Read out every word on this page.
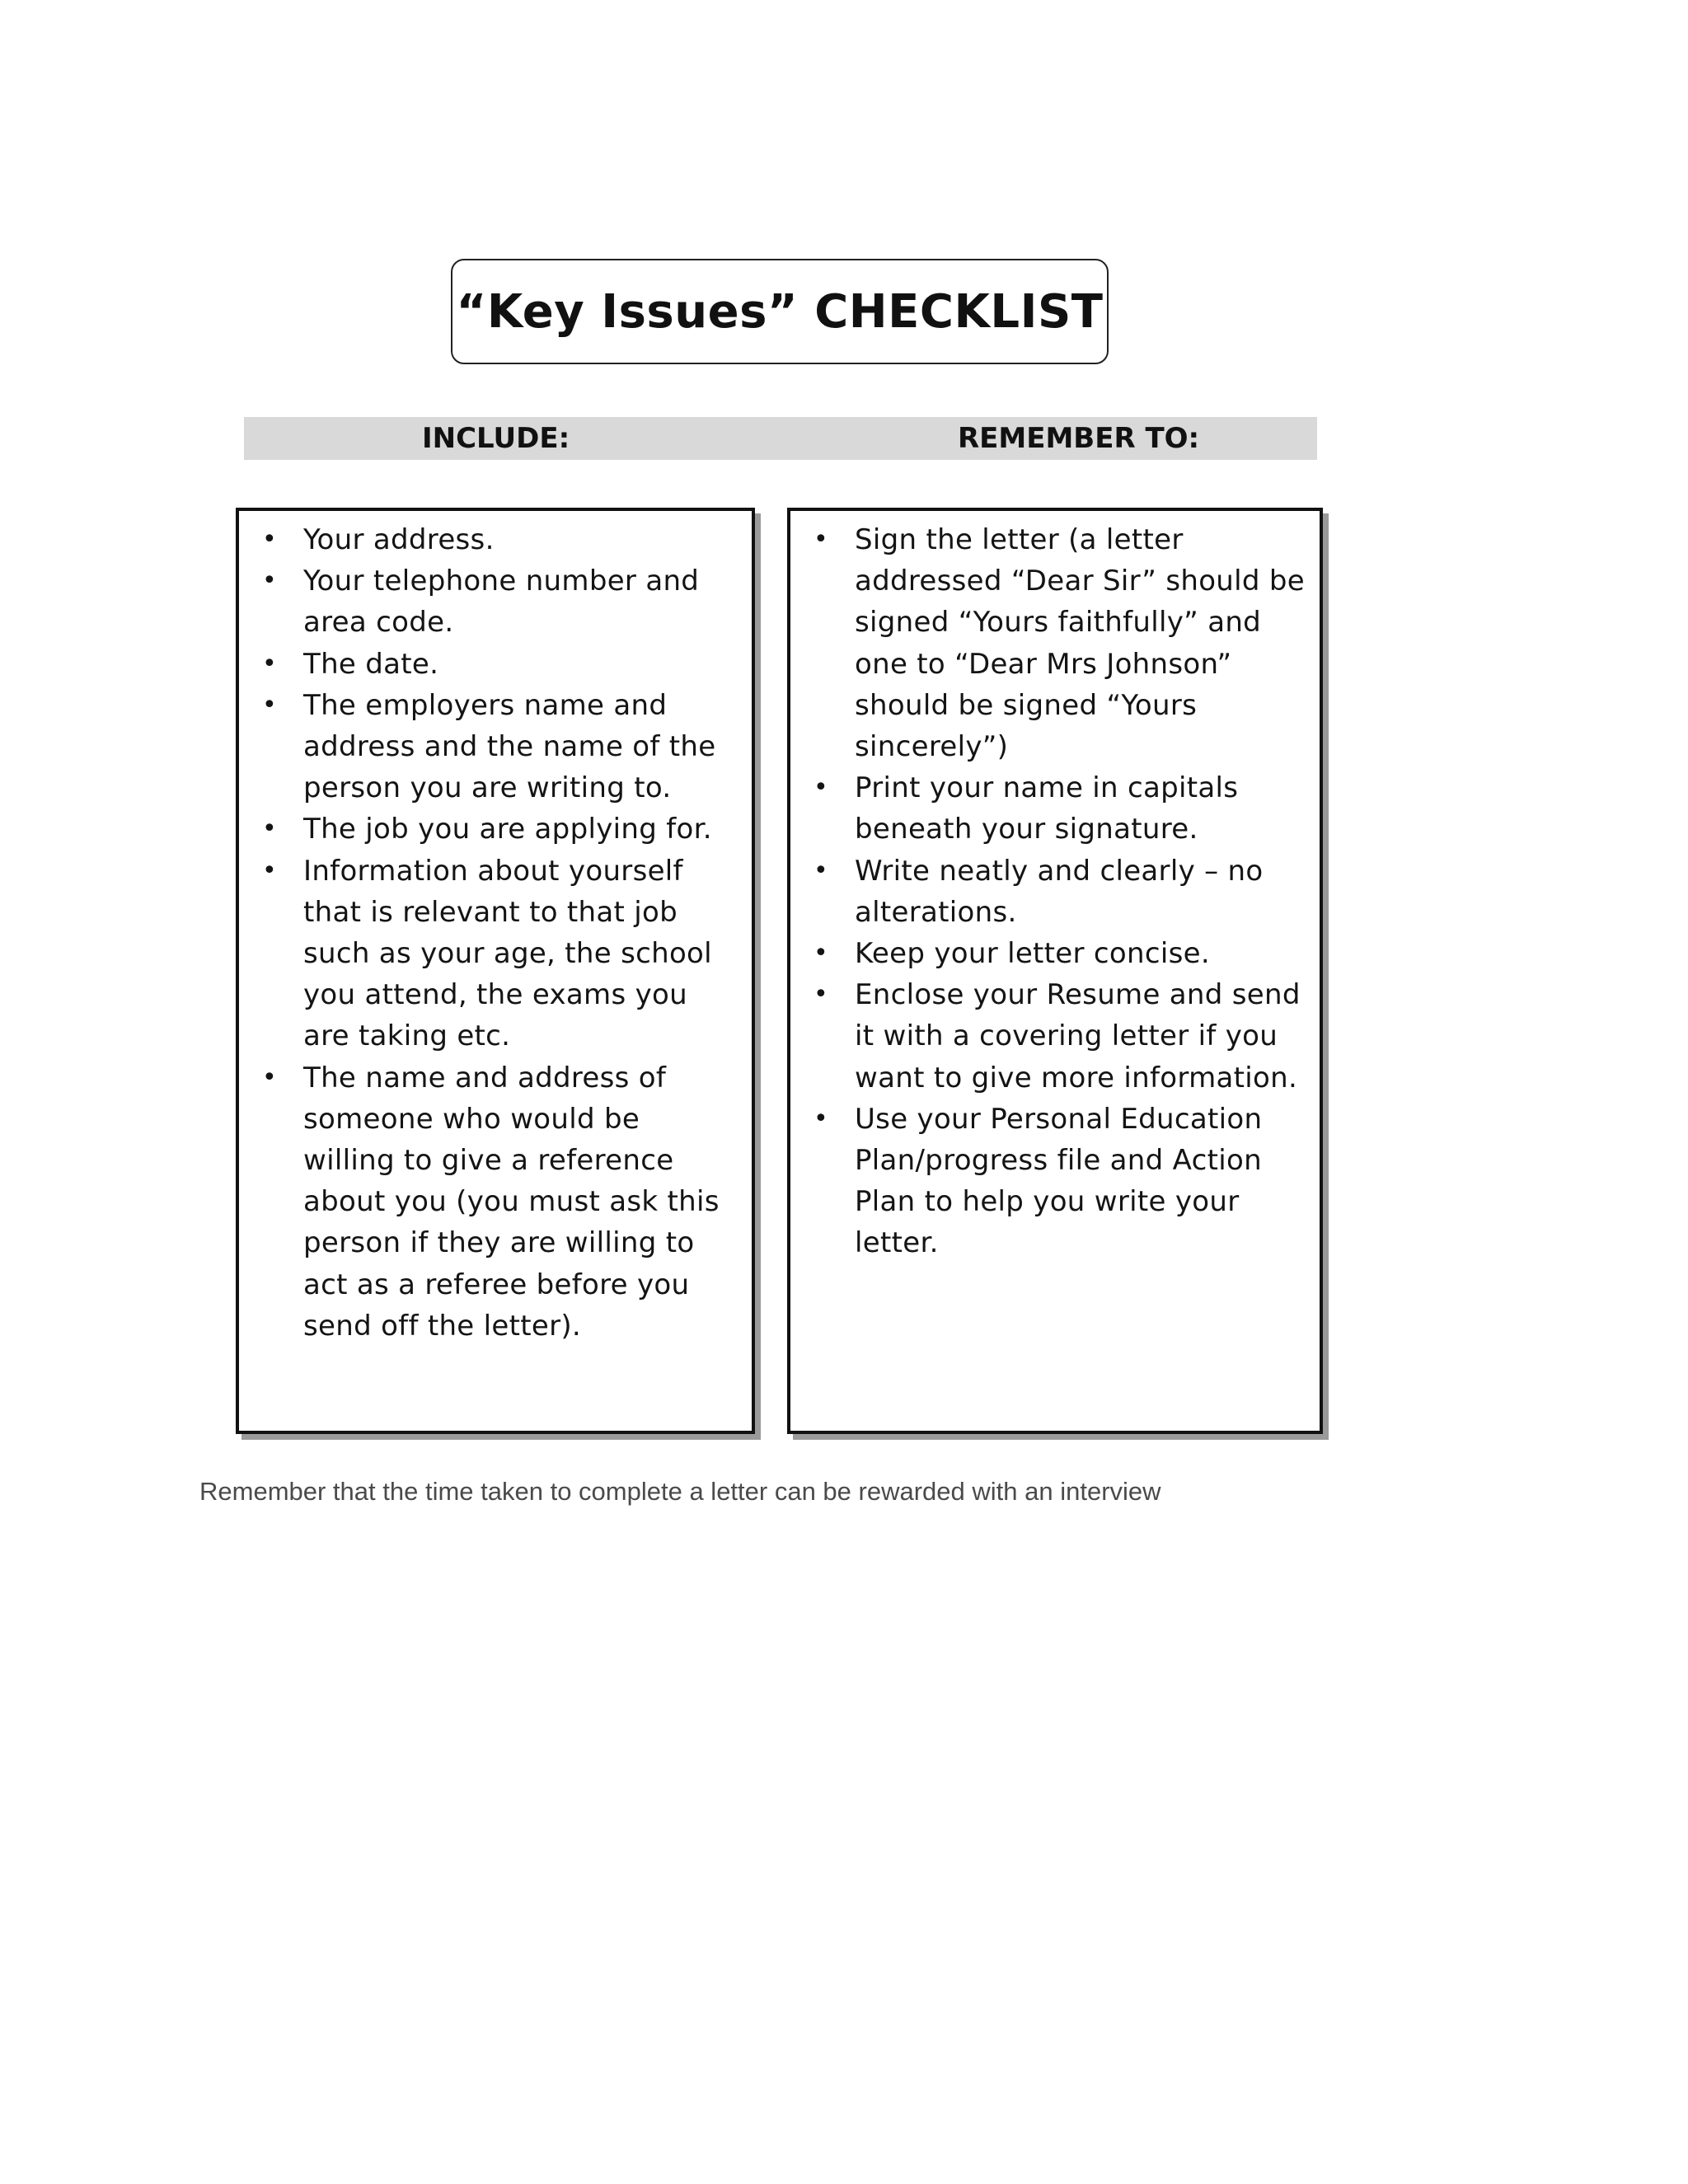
“Key Issues” CHECKLIST
INCLUDE:	REMEMBER TO:
• Your address.
• Your telephone number and area code.
• The date.
• The employers name and address and the name of the person you are writing to.
• The job you are applying for.
• Information about yourself that is relevant to that job such as your age, the school you attend, the exams you are taking etc.
• The name and address of someone who would be willing to give a reference about you (you must ask this person if they are willing to act as a referee before you send off the letter).
• Sign the letter (a letter addressed “Dear Sir” should be signed “Yours faithfully” and one to “Dear Mrs Johnson” should be signed “Yours sincerely”)
• Print your name in capitals beneath your signature.
• Write neatly and clearly – no alterations.
• Keep your letter concise.
• Enclose your Resume and send it with a covering letter if you want to give more information.
• Use your Personal Education Plan/progress file and Action Plan to help you write your letter.
Remember that the time taken to complete a letter can be rewarded with an interview
